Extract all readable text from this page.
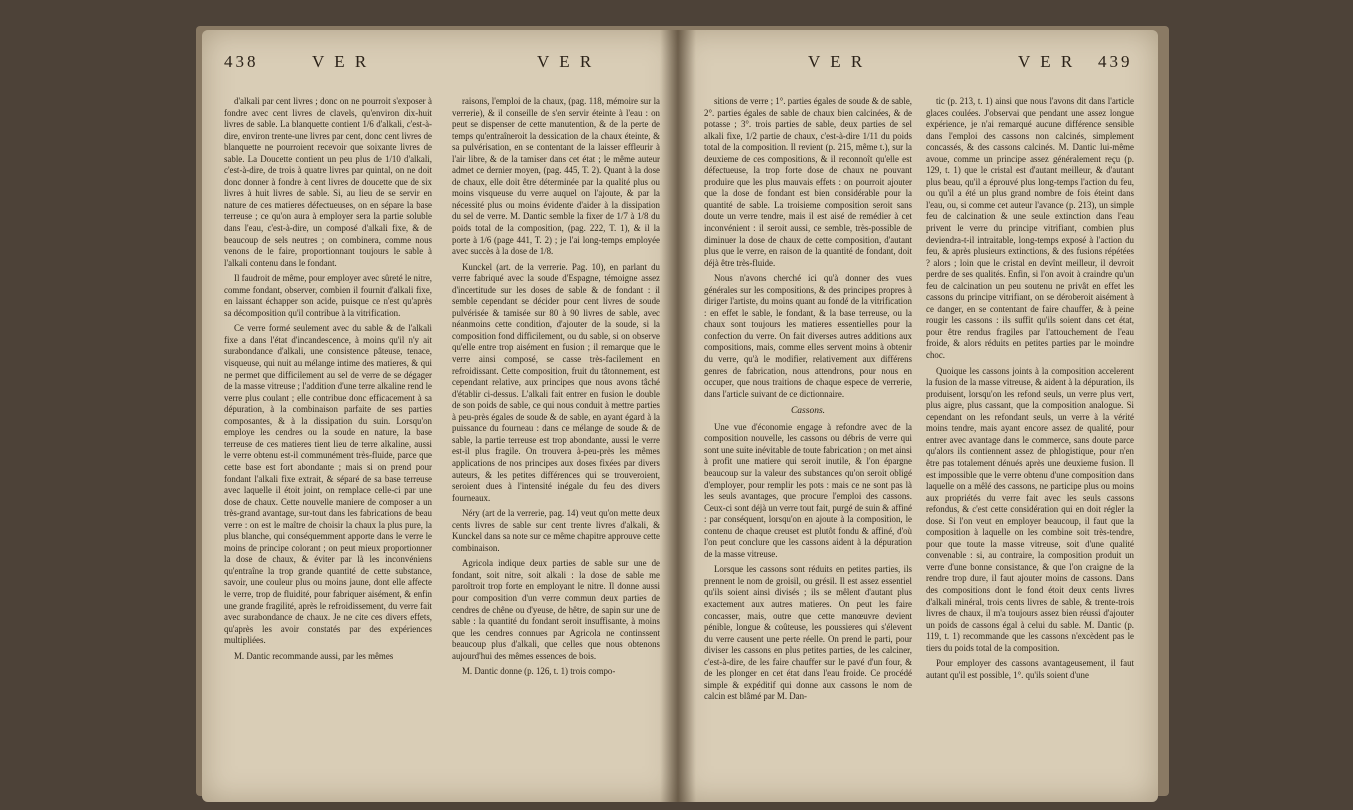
438	V E R	V E R

d'alkali par cent livres ; donc on ne pourroit s'exposer à fondre avec cent livres de clavels, qu'environ dix-huit livres de sable. La blanquette contient 1/6 d'alkali, c'est-à-dire, environ trente-une livres par cent, donc cent livres de blanquette ne pourroient recevoir que soixante livres de sable. La Doucette contient un peu plus de 1/10 d'alkali, c'est-à-dire, de trois à quatre livres par quintal, on ne doit donc donner à fondre à cent livres de doucette que de six livres à huit livres de sable. Si, au lieu de se servir en nature de ces matieres défectueuses, on en sépare la base terreuse ; ce qu'on aura à employer sera la partie soluble dans l'eau, c'est-à-dire, un composé d'alkali fixe, & de beaucoup de sels neutres ; on combinera, comme nous venons de le faire, proportionnant toujours le sable à l'alkali contenu dans le fondant.

Il faudroit de même, pour employer avec sûreté le nitre, comme fondant, observer, combien il fournit d'alkali fixe, en laissant échapper son acide, puisque ce n'est qu'après sa décomposition qu'il contribue à la vitrification.

Ce verre formé seulement avec du sable & de l'alkali fixe a dans l'état d'incandescence, à moins qu'il n'y ait surabondance d'alkali, une consistence pâteuse, tenace, visqueuse, qui nuit au mélange intime des matieres, & qui ne permet que difficilement au sel de verre de se dégager de la masse vitreuse ; l'addition d'une terre alkaline rend le verre plus coulant ; elle contribue donc efficacement à sa dépuration, à la combinaison parfaite de ses parties composantes, & à la dissipation du suin. Lorsqu'on employe les cendres ou la soude en nature, la base terreuse de ces matieres tient lieu de terre alkaline, aussi le verre obtenu est-il communément très-fluide, parce que cette base est fort abondante ; mais si on prend pour fondant l'alkali fixe extrait, & séparé de sa base terreuse avec laquelle il étoit joint, on remplace celle-ci par une dose de chaux. Cette nouvelle maniere de composer a un très-grand avantage, sur-tout dans les fabrications de beau verre : on est le maître de choisir la chaux la plus pure, la plus blanche, qui conséquemment apporte dans le verre le moins de principe colorant ; on peut mieux proportionner la dose de chaux, & éviter par là les inconvéniens qu'entraîne la trop grande quantité de cette substance, savoir, une couleur plus ou moins jaune, dont elle affecte le verre, trop de fluidité, pour fabriquer aisément, & enfin une grande fragilité, après le refroidissement, du verre fait avec surabondance de chaux. Je ne cite ces divers effets, qu'après les avoir constatés par des expériences multipliées.

M. Dantic recommande aussi, par les mêmes

raisons, l'emploi de la chaux, (pag. 118, mémoire sur la verrerie), & il conseille de s'en servir éteinte à l'eau : on peut se dispenser de cette manutention, & de la perte de temps qu'entraîneroit la dessication de la chaux éteinte, & sa pulvérisation, en se contentant de la laisser effleurir à l'air libre, & de la tamiser dans cet état ; le même auteur admet ce dernier moyen, (pag. 445, T. 2). Quant à la dose de chaux, elle doit être déterminée par la qualité plus ou moins visqueuse du verre auquel on l'ajoute, & par la nécessité plus ou moins évidente d'aider à la dissipation du sel de verre. M. Dantic semble la fixer de 1/7 à 1/8 du poids total de la composition, (pag. 222, T. 1), & il la porte à 1/6 (page 441, T. 2) ; je l'ai long-temps employée avec succès à la dose de 1/8.

Kunckel (art. de la verrerie. Pag. 10), en parlant du verre fabriqué avec la soude d'Espagne, témoigne assez d'incertitude sur les doses de sable & de fondant : il semble cependant se décider pour cent livres de soude pulvérisée & tamisée sur 80 à 90 livres de sable, avec néanmoins cette condition, d'ajouter de la soude, si la composition fond difficilement, ou du sable, si on observe qu'elle entre trop aisément en fusion ; il remarque que le verre ainsi composé, se casse très-facilement en refroidissant. Cette composition, fruit du tâtonnement, est cependant relative, aux principes que nous avons tâché d'établir ci-dessus. L'alkali fait entrer en fusion le double de son poids de sable, ce qui nous conduit à mettre parties à peu-près égales de soude & de sable, en ayant égard à la puissance du fourneau : dans ce mélange de soude & de sable, la partie terreuse est trop abondante, aussi le verre est-il plus fragile. On trouvera à-peu-près les mêmes applications de nos principes aux doses fixées par divers auteurs, & les petites différences qui se trouveroient, seroient dues à l'intensité inégale du feu des divers fourneaux.

Néry (art de la verrerie, pag. 14) veut qu'on mette deux cents livres de sable sur cent trente livres d'alkali, & Kunckel dans sa note sur ce même chapitre approuve cette combinaison.

Agricola indique deux parties de sable sur une de fondant, soit nitre, soit alkali : la dose de sable me paroîtroit trop forte en employant le nitre. Il donne aussi pour composition d'un verre commun deux parties de cendres de chêne ou d'yeuse, de hêtre, de sapin sur une de sable : la quantité du fondant seroit insuffisante, à moins que les cendres connues par Agricola ne continssent beaucoup plus d'alkali, que celles que nous obtenons aujourd'hui des mêmes essences de bois.

M. Dantic donne (p. 126, t. 1) trois compo-

V E R	V E R 439

sitions de verre ; 1°. parties égales de soude & de sable, 2°. parties égales de sable de chaux bien calcinées, & de potasse ; 3°. trois parties de sable, deux parties de sel alkali fixe, 1/2 partie de chaux, c'est-à-dire 1/11 du poids total de la composition. Il revient (p. 215, même t.), sur la deuxieme de ces compositions, & il reconnoît qu'elle est défectueuse, la trop forte dose de chaux ne pouvant produire que les plus mauvais effets : on pourroit ajouter que la dose de fondant est bien considérable pour la quantité de sable. La troisieme composition seroit sans doute un verre tendre, mais il est aisé de remédier à cet inconvénient : il seroit aussi, ce semble, très-possible de diminuer la dose de chaux de cette composition, d'autant plus que le verre, en raison de la quantité de fondant, doit déjà être très-fluide.

Nous n'avons cherché ici qu'à donner des vues générales sur les compositions, & des principes propres à diriger l'artiste, du moins quant au fondé de la vitrification : en effet le sable, le fondant, & la base terreuse, ou la chaux sont toujours les matieres essentielles pour la confection du verre. On fait diverses autres additions aux compositions, mais, comme elles servent moins à obtenir du verre, qu'à le modifier, relativement aux différens genres de fabrication, nous attendrons, pour nous en occuper, que nous traitions de chaque espece de verrerie, dans l'article suivant de ce dictionnaire.

Cassons.

Une vue d'économie engage à refondre avec de la composition nouvelle, les cassons ou débris de verre qui sont une suite inévitable de toute fabrication ; on met ainsi à profit une matiere qui seroit inutile, & l'on épargne beaucoup sur la valeur des substances qu'on seroit obligé d'employer, pour remplir les pots : mais ce ne sont pas là les seuls avantages, que procure l'emploi des cassons. Ceux-ci sont déjà un verre tout fait, purgé de suin & affiné : par conséquent, lorsqu'on en ajoute à la composition, le contenu de chaque creuset est plutôt fondu & affiné, d'où l'on peut conclure que les cassons aident à la dépuration de la masse vitreuse.

Lorsque les cassons sont réduits en petites parties, ils prennent le nom de groisil, ou grésil. Il est assez essentiel qu'ils soient ainsi divisés ; ils se mêlent d'autant plus exactement aux autres matieres. On peut les faire concasser, mais, outre que cette manœuvre devient pénible, longue & coûteuse, les poussieres qui s'élevent du verre causent une perte réelle. On prend le parti, pour diviser les cassons en plus petites parties, de les calciner, c'est-à-dire, de les faire chauffer sur le pavé d'un four, & de les plonger en cet état dans l'eau froide. Ce procédé simple & expéditif qui donne aux cassons le nom de calcin est blâmé par M. Dan-

tic (p. 213, t. 1) ainsi que nous l'avons dit dans l'article glaces coulées. J'observai que pendant une assez longue expérience, je n'ai remarqué aucune différence sensible dans l'emploi des cassons non calcinés, simplement concassés, & des cassons calcinés. M. Dantic lui-même avoue, comme un principe assez généralement reçu (p. 129, t. 1) que le cristal est d'autant meilleur, & d'autant plus beau, qu'il a éprouvé plus long-temps l'action du feu, ou qu'il a été un plus grand nombre de fois éteint dans l'eau, ou, si comme cet auteur l'avance (p. 213), un simple feu de calcination & une seule extinction dans l'eau privent le verre du principe vitrifiant, combien plus deviendra-t-il intraitable, long-temps exposé à l'action du feu, & après plusieurs extinctions, & des fusions répétées ? alors ; loin que le cristal en devînt meilleur, il devroit perdre de ses qualités. Enfin, si l'on avoit à craindre qu'un feu de calcination un peu soutenu ne privât en effet les cassons du principe vitrifiant, on se déroberoit aisément à ce danger, en se contentant de faire chauffer, & à peine rougir les cassons : ils suffit qu'ils soient dans cet état, pour être rendus fragiles par l'attouchement de l'eau froide, & alors réduits en petites parties par le moindre choc.

Quoique les cassons joints à la composition accelerent la fusion de la masse vitreuse, & aident à la dépuration, ils produisent, lorsqu'on les refond seuls, un verre plus vert, plus aigre, plus cassant, que la composition analogue. Si cependant on les refondant seuls, un verre à la vérité moins tendre, mais ayant encore assez de qualité, pour entrer avec avantage dans le commerce, sans doute parce qu'alors ils contiennent assez de phlogistique, pour n'en être pas totalement dénués après une deuxieme fusion. Il est impossible que le verre obtenu d'une composition dans laquelle on a mêlé des cassons, ne participe plus ou moins aux propriétés du verre fait avec les seuls cassons refondus, & c'est cette considération qui en doit régler la dose. Si l'on veut en employer beaucoup, il faut que la composition à laquelle on les combine soit très-tendre, pour que toute la masse vitreuse, soit d'une qualité convenable : si, au contraire, la composition produit un verre d'une bonne consistance, & que l'on craigne de la rendre trop dure, il faut ajouter moins de cassons. Dans des compositions dont le fond étoit deux cents livres d'alkali minéral, trois cents livres de sable, & trente-trois livres de chaux, il m'a toujours assez bien réussi d'ajouter un poids de cassons égal à celui du sable. M. Dantic (p. 119, t. 1) recommande que les cassons n'excèdent pas le tiers du poids total de la composition.

Pour employer des cassons avantageusement, il faut autant qu'il est possible, 1°. qu'ils soient d'une
